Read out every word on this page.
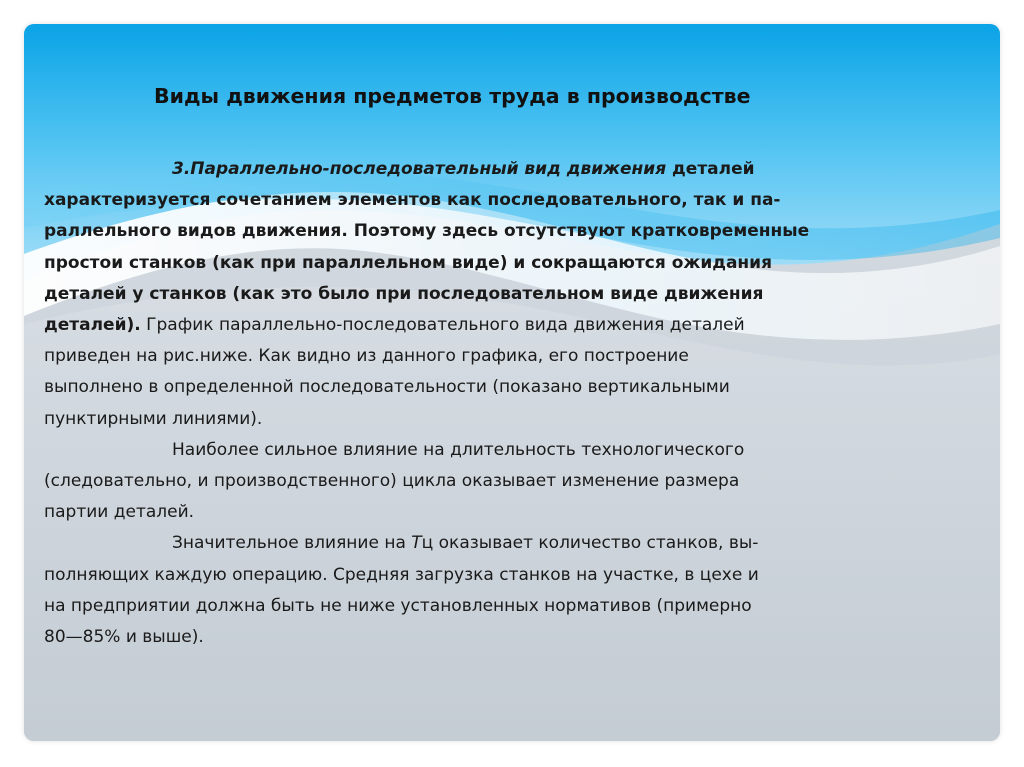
Виды движения предметов труда в производстве

3.Параллельно-последовательный вид движения деталей
характеризуется сочетанием элементов как последовательного, так и па-
раллельного видов движения. Поэтому здесь отсутствуют кратковременные
простои станков (как при параллельном виде) и сокращаются ожидания
деталей у станков (как это было при последовательном виде движения
деталей). График параллельно-последовательного вида движения деталей
приведен на рис.ниже. Как видно из данного графика, его построение
выполнено в определенной последовательности (показано вертикальными
пунктирными линиями).

Наиболее сильное влияние на длительность технологического
(следовательно, и производственного) цикла оказывает изменение размера
партии деталей.

Значительное влияние на Тц оказывает количество станков, вы-
полняющих каждую операцию. Средняя загрузка станков на участке, в цехе и
на предприятии должна быть не ниже установленных нормативов (примерно
80—85% и выше).
